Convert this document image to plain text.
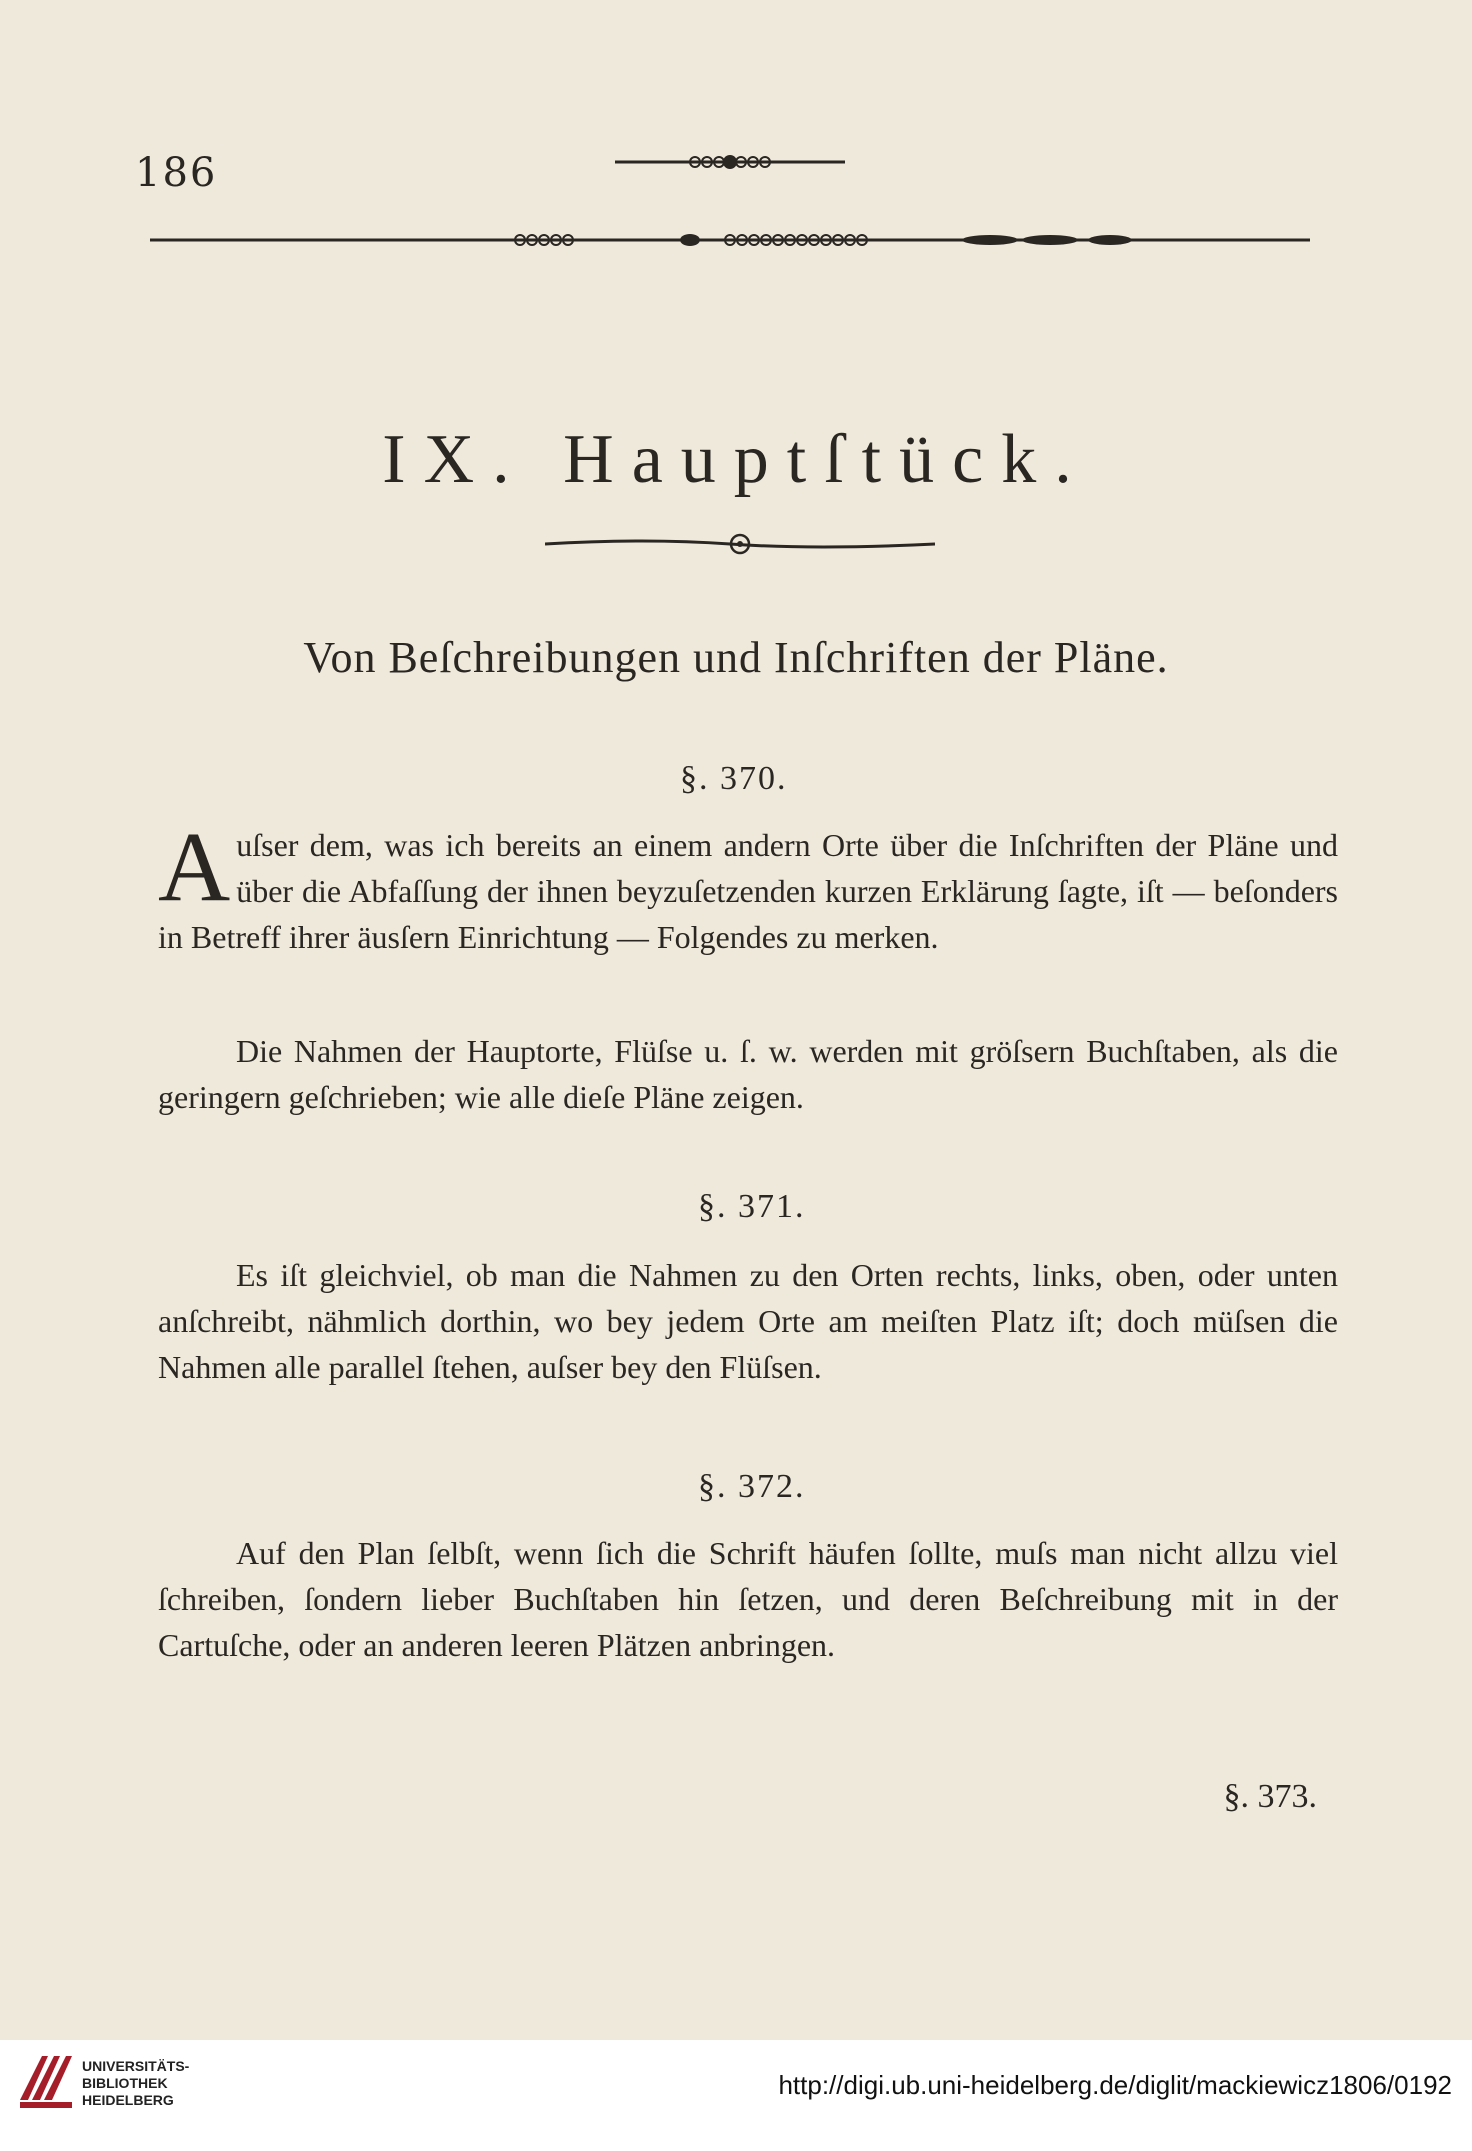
186
IX. Hauptſtück.
Von Beſchreibungen und Inſchriften der Pläne.
§. 370.
Auſser dem, was ich bereits an einem andern Orte über die Inſchriften der Pläne und über die Abfaſſung der ihnen beyzuſetzenden kurzen Erklärung ſagte, iſt — beſonders in Betreff ihrer äusſern Einrichtung — Folgendes zu merken.
Die Nahmen der Hauptorte, Flüſse u. ſ. w. werden mit gröſsern Buchſtaben, als die geringern geſchrieben; wie alle dieſe Pläne zeigen.
§. 371.
Es iſt gleichviel, ob man die Nahmen zu den Orten rechts, links, oben, oder unten anſchreibt, nähmlich dorthin, wo bey jedem Orte am meiſten Platz iſt; doch müſsen die Nahmen alle parallel ſtehen, auſser bey den Flüſsen.
§. 372.
Auf den Plan ſelbſt, wenn ſich die Schrift häufen ſollte, muſs man nicht allzu viel ſchreiben, ſondern lieber Buchſtaben hin ſetzen, und deren Beſchreibung mit in der Cartuſche, oder an anderen leeren Plätzen anbringen.
§. 373.
UNIVERSITÄTS-
BIBLIOTHEK
HEIDELBERG	http://digi.ub.uni-heidelberg.de/diglit/mackiewicz1806/0192
